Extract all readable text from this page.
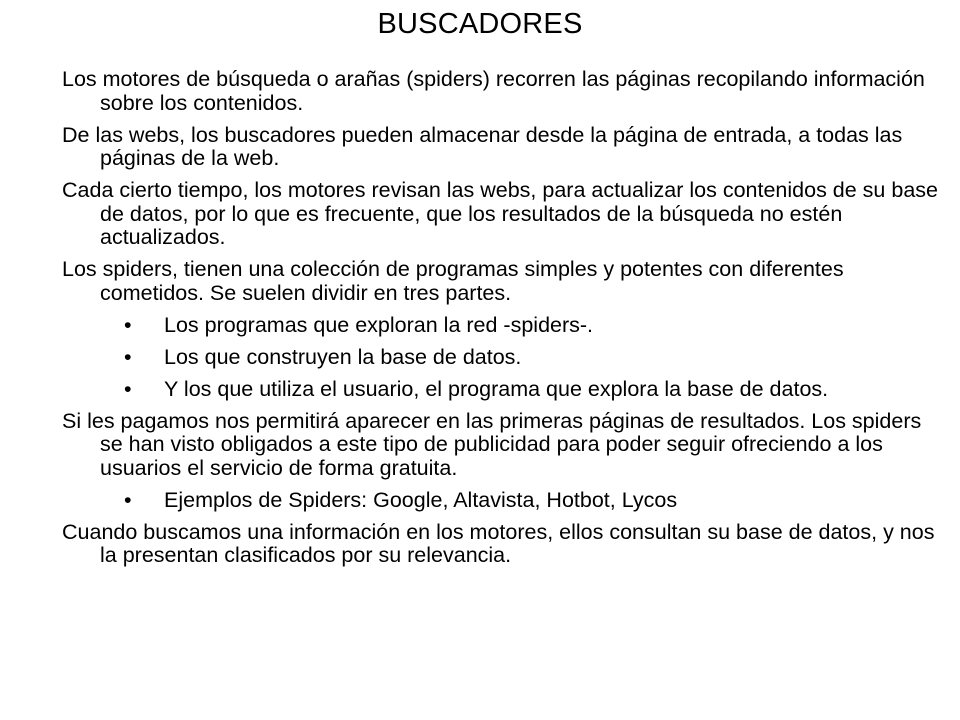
BUSCADORES

Los motores de búsqueda o arañas (spiders) recorren las páginas recopilando información sobre los contenidos.

De las webs, los buscadores pueden almacenar desde la página de entrada, a todas las páginas de la web.

Cada cierto tiempo, los motores revisan las webs, para actualizar los contenidos de su base de datos, por lo que es frecuente, que los resultados de la búsqueda no estén actualizados.

Los spiders, tienen una colección de programas simples y potentes con diferentes cometidos. Se suelen dividir en tres partes.

•	Los programas que exploran la red -spiders-.
•	Los que construyen la base de datos.
•	Y los que utiliza el usuario, el programa que explora la base de datos.

Si les pagamos nos permitirá aparecer en las primeras páginas de resultados. Los spiders se han visto obligados a este tipo de publicidad para poder seguir ofreciendo a los usuarios el servicio de forma gratuita.

•	Ejemplos de Spiders: Google, Altavista, Hotbot, Lycos

Cuando buscamos una información en los motores, ellos consultan su base de datos, y nos la presentan clasificados por su relevancia.
